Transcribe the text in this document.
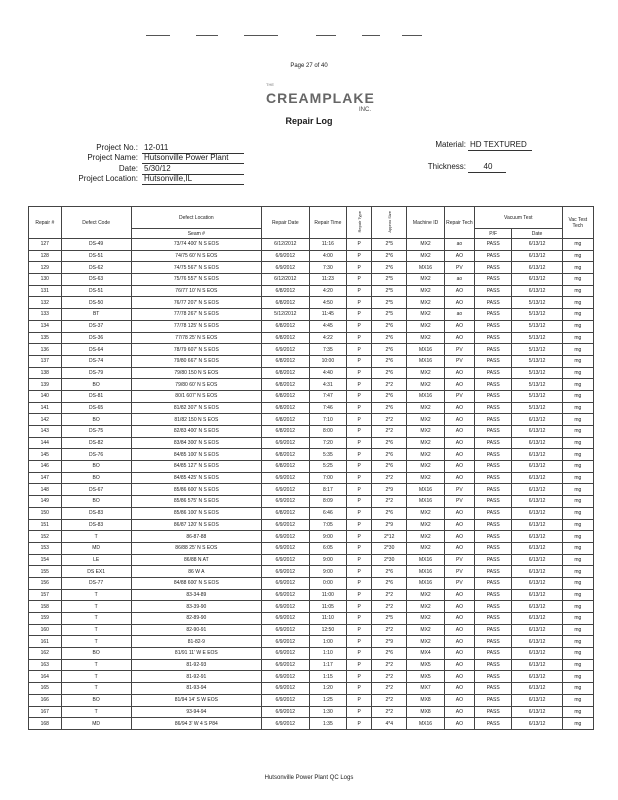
Page 27 of 40
THE
CREAMPLAKE
INC.
Repair Log
Project No.: 12-011
Project Name: Hutsonville Power Plant
Date: 5/30/12
Project Location: Hutsonville,IL
Material: HD TEXTURED
Thickness:	40
Repair #	Defect Code	Defect Location	Repair Date	Repair Time	Repair Type	Approx Size	Machine ID	Repair Tech	Vacuum Test		Vac Test Tech
		Seam #							P/F	Date	
127	DS-49	73/74 400' N S EOS	6/12/2012	11:16	P	2*5	MX2	ao	PASS	6/13/12	mg
128	DS-51	74/75 60' N S EOS	6/9/2012	4:00	P	2*6	MX2	AO	PASS	6/13/12	mg
129	DS-62	74/75 567' N S EOS	6/9/2012	7:30	P	2*6	MX16	PV	PASS	6/13/12	mg
130	DS-63	75/76 557' N S EOS	6/12/2012	11:23	P	2*5	MX2	ao	PASS	6/13/12	mg
131	DS-51	76/77 10' N S EOS	6/8/2012	4:20	P	2*5	MX2	AO	PASS	6/13/12	mg
132	DS-50	76/77 207' N S EOS	6/8/2012	4:50	P	2*5	MX2	AO	PASS	5/13/12	mg
133	BT	77/78 267' N S EOS	5/12/2012	11:45	P	2*5	MX2	ao	PASS	5/13/12	mg
134	DS-37	77/78 125' N S EOS	6/8/2012	4:45	P	2*6	MX2	AO	PASS	5/13/12	mg
135	DS-36	77/78 25' N S EOS	6/8/2012	4:22	P	2*6	MX2	AO	PASS	5/13/12	mg
136	DS-64	78/79 607' N S EOS	6/9/2012	7:35	P	2*6	MX16	PV	PASS	5/13/12	mg
137	DS-74	79/80 667' N S EOS	6/8/2012	10:00	P	2*6	MX16	PV	PASS	5/13/12	mg
138	DS-79	79/80 150 N S EOS	6/8/2012	4:40	P	2*6	MX2	AO	PASS	5/13/12	mg
139	BO	79/80 60' N S EOS	6/8/2012	4:31	P	2*2	MX2	AO	PASS	5/13/12	mg
140	DS-81	80/1 607' N S EOS	6/8/2012	7:47	P	2*6	MX16	PV	PASS	5/13/12	mg
141	DS-65	81/82 307' N S EOS	6/8/2012	7:46	P	2*6	MX2	AO	PASS	5/13/12	mg
142	BO	81/82 150 N S EOS	6/8/2012	7:10	P	2*2	MX2	AO	PASS	6/13/12	mg
143	DS-75	82/83 400' N S EOS	6/8/2012	8:00	P	2*2	MX2	AO	PASS	6/13/12	mg
144	DS-82	83/84 300' N S EOS	6/9/2012	7:20	P	2*6	MX2	AO	PASS	6/13/12	mg
145	DS-76	84/85 100' N S EOS	6/8/2012	5:35	P	2*6	MX2	AO	PASS	6/13/12	mg
146	BO	84/85 127' N S EOS	6/8/2012	5:25	P	2*6	MX2	AO	PASS	6/13/12	mg
147	BO	84/85 425' N S EOS	6/9/2012	7:00	P	2*2	MX2	AO	PASS	6/13/12	mg
148	DS-67	85/86 600' N S EOS	6/9/2012	8:17	P	2*9	MX16	PV	PASS	6/13/12	mg
149	BO	85/86 575' N S EOS	6/9/2012	8:09	P	2*2	MX16	PV	PASS	6/13/12	mg
150	DS-83	85/86 100' N S EOS	6/8/2012	6:46	P	2*6	MX2	AO	PASS	6/13/12	mg
151	DS-83	86/87 120' N S EOS	6/9/2012	7:05	P	2*9	MX2	AO	PASS	6/13/12	mg
152	T	86-87-88	6/9/2012	9:00	P	2*12	MX2	AO	PASS	6/13/12	mg
153	MD	86/88 25' N S EOS	6/9/2012	6:05	P	2*30	MX2	AO	PASS	6/13/12	mg
154	LE	86/88 N AT	6/9/2012	9:00	P	2*30	MX16	PV	PASS	6/13/12	mg
155	DS EX1	86 W A	6/9/2012	9:00	P	2*6	MX16	PV	PASS	6/13/12	mg
156	DS-77	84/88 600' N S EOS	6/9/2012	0:00	P	2*6	MX16	PV	PASS	6/13/12	mg
157	T	83-34-89	6/9/2012	11:00	P	2*2	MX2	AO	PASS	6/13/12	mg
158	T	83-39-90	6/9/2012	11:05	P	2*2	MX2	AO	PASS	6/13/12	mg
159	T	82-89-90	6/9/2012	11:10	P	2*5	MX2	AO	PASS	6/13/12	mg
160	T	82-90-91	6/9/2012	12:50	P	2*2	MX2	AO	PASS	6/13/12	mg
161	T	81-82-9	6/9/2012	1:00	P	2*9	MX2	AO	PASS	6/13/12	mg
162	BO	81/91 11' W E EOS	6/9/2012	1:10	P	2*6	MX4	AO	PASS	6/13/12	mg
163	T	81-92-93	6/9/2012	1:17	P	2*2	MX5	AO	PASS	6/13/12	mg
164	T	81-92-91	6/9/2012	1:15	P	2*2	MX5	AO	PASS	6/13/12	mg
165	T	81-93-94	6/9/2012	1:20	P	2*2	MX7	AO	PASS	6/13/12	mg
166	BO	81/94 14' S W EOS	6/9/2012	1:25	P	2*2	MX8	AO	PASS	6/13/12	mg
167	T	93-94-94	6/9/2012	1:30	P	2*2	MX8	AO	PASS	6/13/12	mg
168	MD	86/94 3' W 4 S P84	6/9/2012	1:35	P	4*4	MX16	AO	PASS	6/13/12	mg
Hutsonville Power Plant QC Logs
